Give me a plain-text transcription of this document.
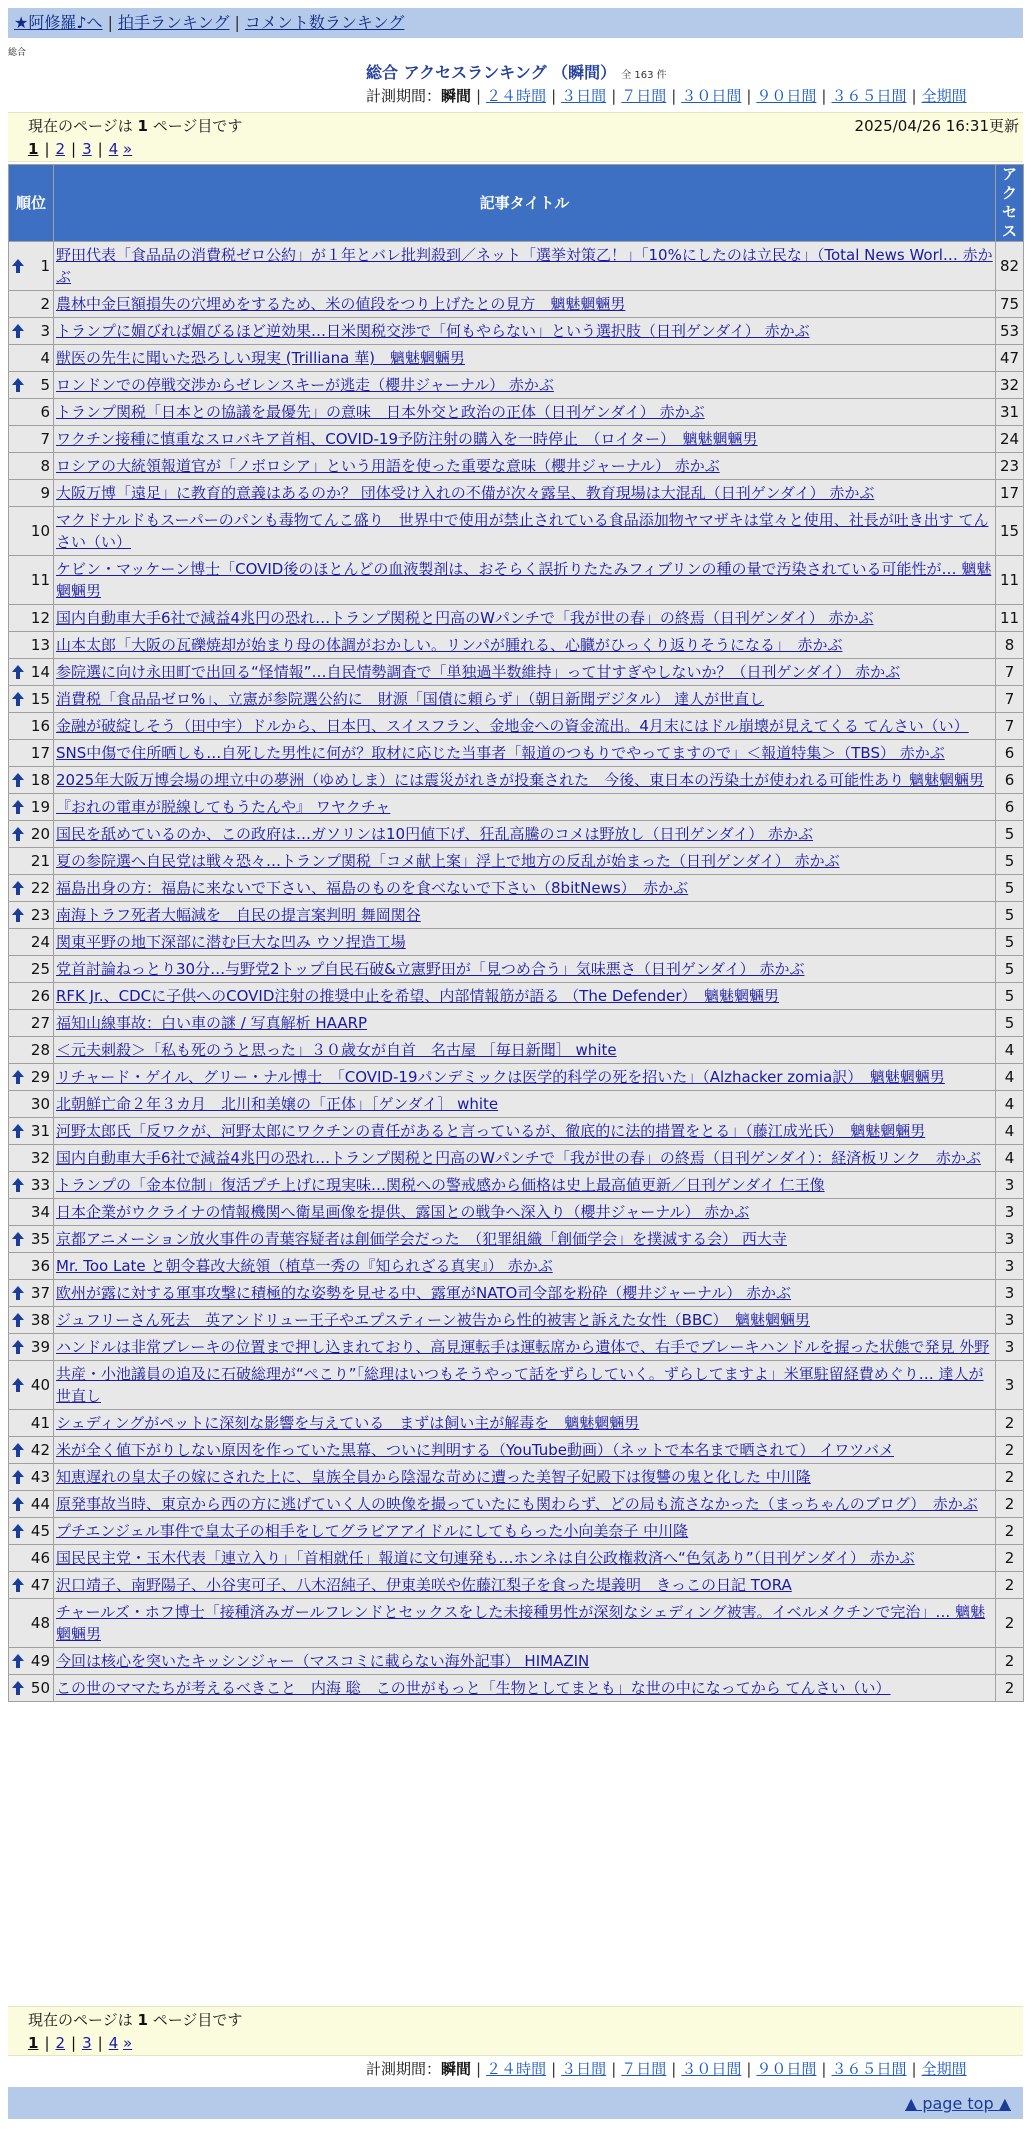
★阿修羅♪へ | 拍手ランキング | コメント数ランキング
総合
総合 アクセスランキング （瞬間） 全 163 件
計測期間：瞬間 | ２４時間 | ３日間 | ７日間 | ３０日間 | ９０日間 | ３６５日間 | 全期間
現在のページは 1 ページ目です	2025/04/26 16:31更新
1 | 2 | 3 | 4 »
順位	記事タイトル	アクセス

1	野田代表「食品品の消費税ゼロ公約」が１年とバレ批判殺到／ネット「選挙対策乙！」「10%にしたのは立民な」（Total News Worl… 赤かぶ	82
2	農林中金巨額損失の穴埋めをするため、米の値段をつり上げたとの見方　魑魅魍魎男	75

3	トランプに媚びれば媚びるほど逆効果…日米関税交渉で「何もやらない」という選択肢（日刊ゲンダイ） 赤かぶ	53
4	獣医の先生に聞いた恐ろしい現実 (Trilliana 華)　魑魅魍魎男	47

5	ロンドンでの停戦交渉からゼレンスキーが逃走（櫻井ジャーナル） 赤かぶ	32
6	トランプ関税「日本との協議を最優先」の意味　日本外交と政治の正体（日刊ゲンダイ） 赤かぶ	31
7	ワクチン接種に慎重なスロバキア首相、COVID-19予防注射の購入を一時停止　（ロイター）　魑魅魍魎男	24
8	ロシアの大統領報道官が「ノボロシア」という用語を使った重要な意味（櫻井ジャーナル） 赤かぶ	23
9	大阪万博「遠足」に教育的意義はあるのか？ 団体受け入れの不備が次々露呈、教育現場は大混乱（日刊ゲンダイ） 赤かぶ	17
10	マクドナルドもスーパーのパンも毒物てんこ盛り　世界中で使用が禁止されている食品添加物ヤマザキは堂々と使用、社長が吐き出す てんさい（い）	15
11	ケビン・マッケーン博士「COVID後のほとんどの血液製剤は、おそらく誤折りたたみフィブリンの種の量で汚染されている可能性が… 魑魅魍魎男	11
12	国内自動車大手6社で減益4兆円の恐れ…トランプ関税と円高のWパンチで「我が世の春」の終焉（日刊ゲンダイ） 赤かぶ	11
13	山本太郎「大阪の瓦礫焼却が始まり母の体調がおかしい。リンパが腫れる、心臓がひっくり返りそうになる」　赤かぶ	8

14	参院選に向け永田町で出回る“怪情報”…自民情勢調査で「単独過半数維持」って甘すぎやしないか？（日刊ゲンダイ） 赤かぶ	7

15	消費税「食品品ゼロ%」、立憲が参院選公約に　財源「国債に頼らず」（朝日新聞デジタル） 達人が世直し	7
16	金融が破綻しそう（田中宇）ドルから、日本円、スイスフラン、金地金への資金流出。4月末にはドル崩壊が見えてくる てんさい（い）	7
17	SNS中傷で住所晒しも…自死した男性に何が？取材に応じた当事者「報道のつもりでやってますので」＜報道特集＞（TBS） 赤かぶ	6

18	2025年大阪万博会場の埋立中の夢洲（ゆめしま）には震災がれきが投棄された　今後、東日本の汚染土が使われる可能性あり 魑魅魍魎男	6

19	『おれの電車が脱線してもうたんや』 ワヤクチャ	6

20	国民を舐めているのか、この政府は…ガソリンは10円値下げ、狂乱高騰のコメは野放し（日刊ゲンダイ） 赤かぶ	5
21	夏の参院選へ自民党は戦々恐々…トランプ関税「コメ献上案」浮上で地方の反乱が始まった（日刊ゲンダイ） 赤かぶ	5

22	福島出身の方：福島に来ないで下さい、福島のものを食べないで下さい（8bitNews）　赤かぶ	5

23	南海トラフ死者大幅減を　自民の提言案判明 舞岡関谷	5
24	関東平野の地下深部に潜む巨大な凹み ウソ捏造工場	5
25	党首討論ねっとり30分…与野党2トップ自民石破&立憲野田が「見つめ合う」気味悪さ（日刊ゲンダイ） 赤かぶ	5
26	RFK Jr.、CDCに子供へのCOVID注射の推奨中止を希望、内部情報筋が語る （The Defender）　魑魅魍魎男	5
27	福知山線事故：白い車の謎 / 写真解析 HAARP	5
28	＜元夫刺殺＞「私も死のうと思った」３０歳女が自首　名古屋 ［毎日新聞］ white	4

29	リチャード・ゲイル、グリー・ナル博士　「COVID-19パンデミックは医学的科学の死を招いた」（Alzhacker zomia訳）　魑魅魍魎男	4
30	北朝鮮亡命２年３カ月　北川和美嬢の「正体」［ゲンダイ］ white	4

31	河野太郎氏「反ワクが、河野太郎にワクチンの責任があると言っているが、徹底的に法的措置をとる」（藤江成光氏）　魑魅魍魎男	4
32	国内自動車大手6社で減益4兆円の恐れ…トランプ関税と円高のWパンチで「我が世の春」の終焉（日刊ゲンダイ）：経済板リンク　赤かぶ	4

33	トランプの「金本位制」復活プチ上げに現実味…関税への警戒感から価格は史上最高値更新／日刊ゲンダイ 仁王像	3
34	日本企業がウクライナの情報機関へ衛星画像を提供、露国との戦争へ深入り（櫻井ジャーナル） 赤かぶ	3

35	京都アニメーション放火事件の青葉容疑者は創価学会だった　（犯罪組織「創価学会」を撲滅する会） 西大寺	3
36	Mr. Too Late と朝令暮改大統領（植草一秀の『知られざる真実』） 赤かぶ	3

37	欧州が露に対する軍事攻撃に積極的な姿勢を見せる中、露軍がNATO司令部を粉砕（櫻井ジャーナル） 赤かぶ	3

38	ジュフリーさん死去　英アンドリュー王子やエプスティーン被告から性的被害と訴えた女性（BBC）　魑魅魍魎男	3

39	ハンドルは非常ブレーキの位置まで押し込まれており、高見運転手は運転席から遺体で、右手でブレーキハンドルを握った状態で発見 外野	3

40	共産・小池議員の追及に石破総理が“ぺこり”「総理はいつもそうやって話をずらしていく。ずらしてますよ」米軍駐留経費めぐり… 達人が世直し	3
41	シェディングがペットに深刻な影響を与えている　まずは飼い主が解毒を　魑魅魍魎男	2

42	米が全く値下がりしない原因を作っていた黒幕、ついに判明する（YouTube動画）（ネットで本名まで晒されて） イワツバメ	2

43	知恵遅れの皇太子の嫁にされた上に、皇族全員から陰湿な苛めに遭った美智子妃殿下は復讐の鬼と化した 中川隆	2

44	原発事故当時、東京から西の方に逃げていく人の映像を撮っていたにも関わらず、どの局も流さなかった（まっちゃんのブログ）　赤かぶ	2

45	プチエンジェル事件で皇太子の相手をしてグラビアアイドルにしてもらった小向美奈子 中川隆	2
46	国民民主党・玉木代表「連立入り」「首相就任」報道に文句連発も…ホンネは自公政権救済へ“色気あり”（日刊ゲンダイ） 赤かぶ	2

47	沢口靖子、南野陽子、小谷実可子、八木沼純子、伊東美咲や佐藤江梨子を食った堤義明　きっこの日記 TORA	2
48	チャールズ・ホフ博士「接種済みガールフレンドとセックスをした未接種男性が深刻なシェディング被害。イベルメクチンで完治」… 魑魅魍魎男	2

49	今回は核心を突いたキッシンジャー（マスコミに載らない海外記事） HIMAZIN	2

50	この世のママたちが考えるべきこと　内海 聡　この世がもっと「生物としてまとも」な世の中になってから てんさい（い）	2
現在のページは 1 ページ目です
1 | 2 | 3 | 4 »
計測期間：瞬間 | ２４時間 | ３日間 | ７日間 | ３０日間 | ９０日間 | ３６５日間 | 全期間
▲ page top ▲
